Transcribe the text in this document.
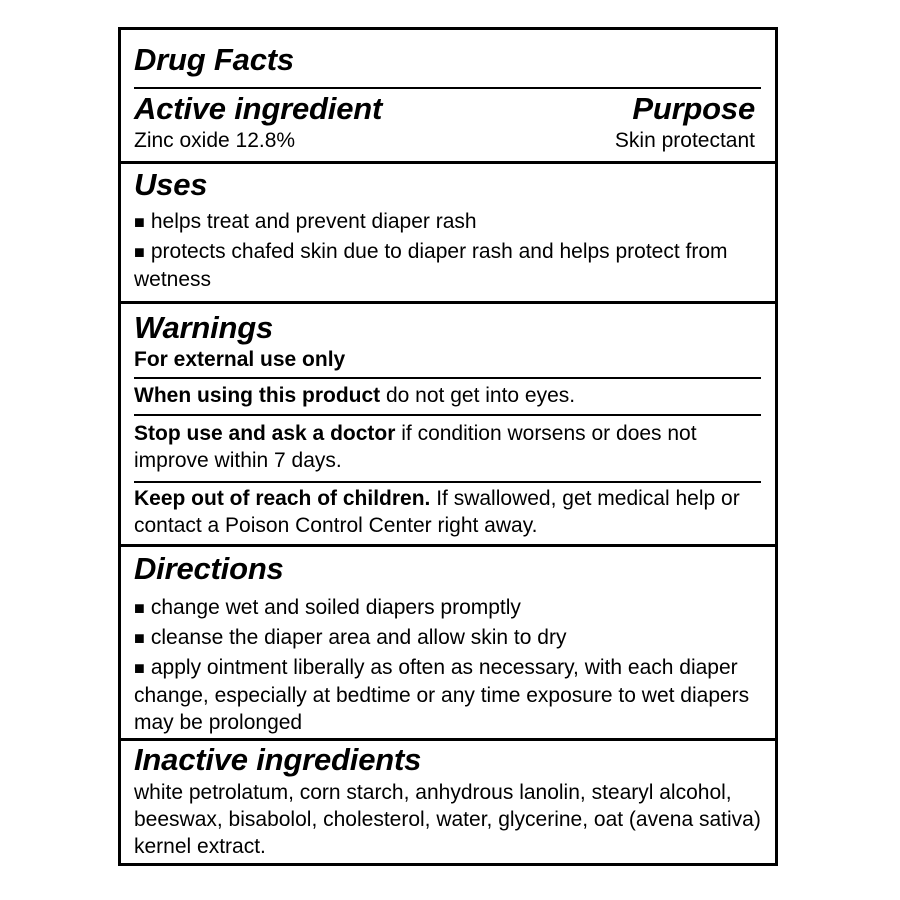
Drug Facts
Active ingredient	Purpose
Zinc oxide 12.8%	Skin protectant
Uses
■ helps treat and prevent diaper rash
■ protects chafed skin due to diaper rash and helps protect from wetness
Warnings
For external use only
When using this product do not get into eyes.
Stop use and ask a doctor if condition worsens or does not improve within 7 days.
Keep out of reach of children. If swallowed, get medical help or contact a Poison Control Center right away.
Directions
■ change wet and soiled diapers promptly
■ cleanse the diaper area and allow skin to dry
■ apply ointment liberally as often as necessary, with each diaper change, especially at bedtime or any time exposure to wet diapers may be prolonged
Inactive ingredients
white petrolatum, corn starch, anhydrous lanolin, stearyl alcohol, beeswax, bisabolol, cholesterol, water, glycerine, oat (avena sativa) kernel extract.
